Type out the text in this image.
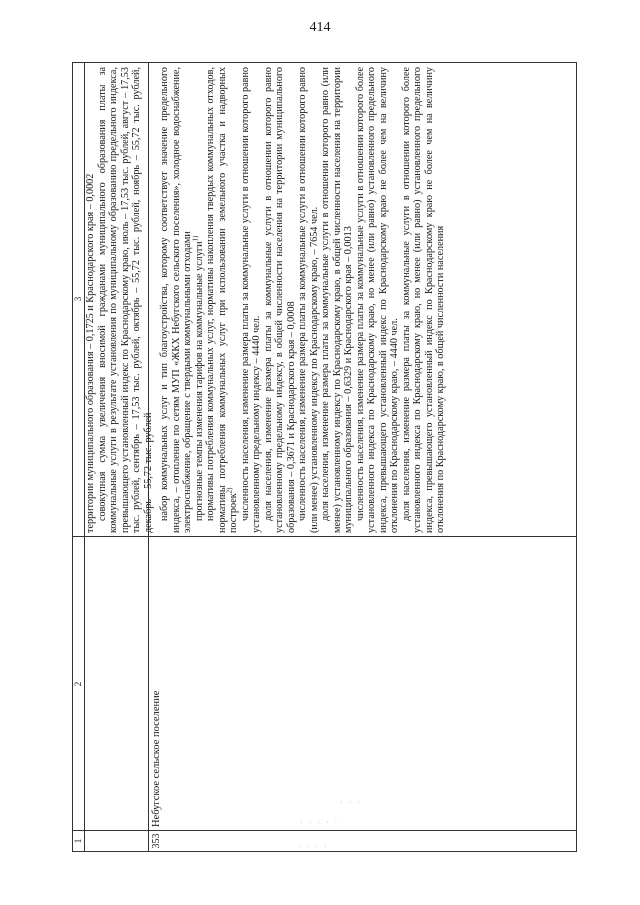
414
1
2
3
353
Небугское сельское поселение

территории муниципального образования – 0,1725 и Краснодарского края – 0,0002 совокупная сумма увеличения вносимой гражданами муниципального образования платы за коммунальные услуги в результате установления по муниципальному образованию предельного индекса, превышающего установленный индекс по Краснодарскому краю, июль – 17,53 тыс. рублей, август – 17,53 тыс. рублей, сентябрь – 17,53 тыс. рублей, октябрь – 55,72 тыс. рублей, ноябрь – 55,72 тыс. рублей, декабрь – 55,72 тыс. рублей набор коммунальных услуг и тип благоустройства, которому соответствует значение предельного индекса, – отопление по сетям МУП «ЖКХ Небугского сельского поселения», холодное водоснабжение, электроснабжение, обращение с твердыми коммунальными отходами прогнозные темпы изменения тарифов на коммунальные услуги$^{1)}$ нормативы потребления коммунальных услуг, нормативы накопления твердых коммунальных отходов, нормативы потребления коммунальных услуг при использовании земельного участка и надворных построек$^{2)}$ численность населения, изменение размера платы за коммунальные услуги в отношении которого равно установленному предельному индексу – 4440 чел. доля населения, изменение размера платы за коммунальные услуги в отношении которого равно установленному предельному индексу, в общей численности населения на территории муниципального образования – 0,3671 и Краснодарского края – 0,0008 численность населения, изменение размера платы за коммунальные услуги в отношении которого равно (или менее) установленному индексу по Краснодарскому краю, – 7654 чел. доля населения, изменение размера платы за коммунальные услуги в отношении которого равно (или менее) установленному индексу по Краснодарскому краю, в общей численности населения на территории муниципального образования – 0,6329 и Краснодарского края – 0,0013 численность населения, изменение размера платы за коммунальные услуги в отношении которого более установленного индекса по Краснодарскому краю, но менее (или равно) установленного предельного индекса, превышающего установленный индекс по Краснодарскому краю не более чем на величину отклонения по Краснодарскому краю, – 4440 чел. доля населения, изменение размера платы за коммунальные услуги в отношении которого более установленного индекса по Краснодарскому краю, но менее (или равно) установленного предельного индекса, превышающего установленный индекс по Краснодарскому краю не более чем на величину отклонения по Краснодарскому краю, в общей численности населения

· · ·
· · · · ·
· · · ·
